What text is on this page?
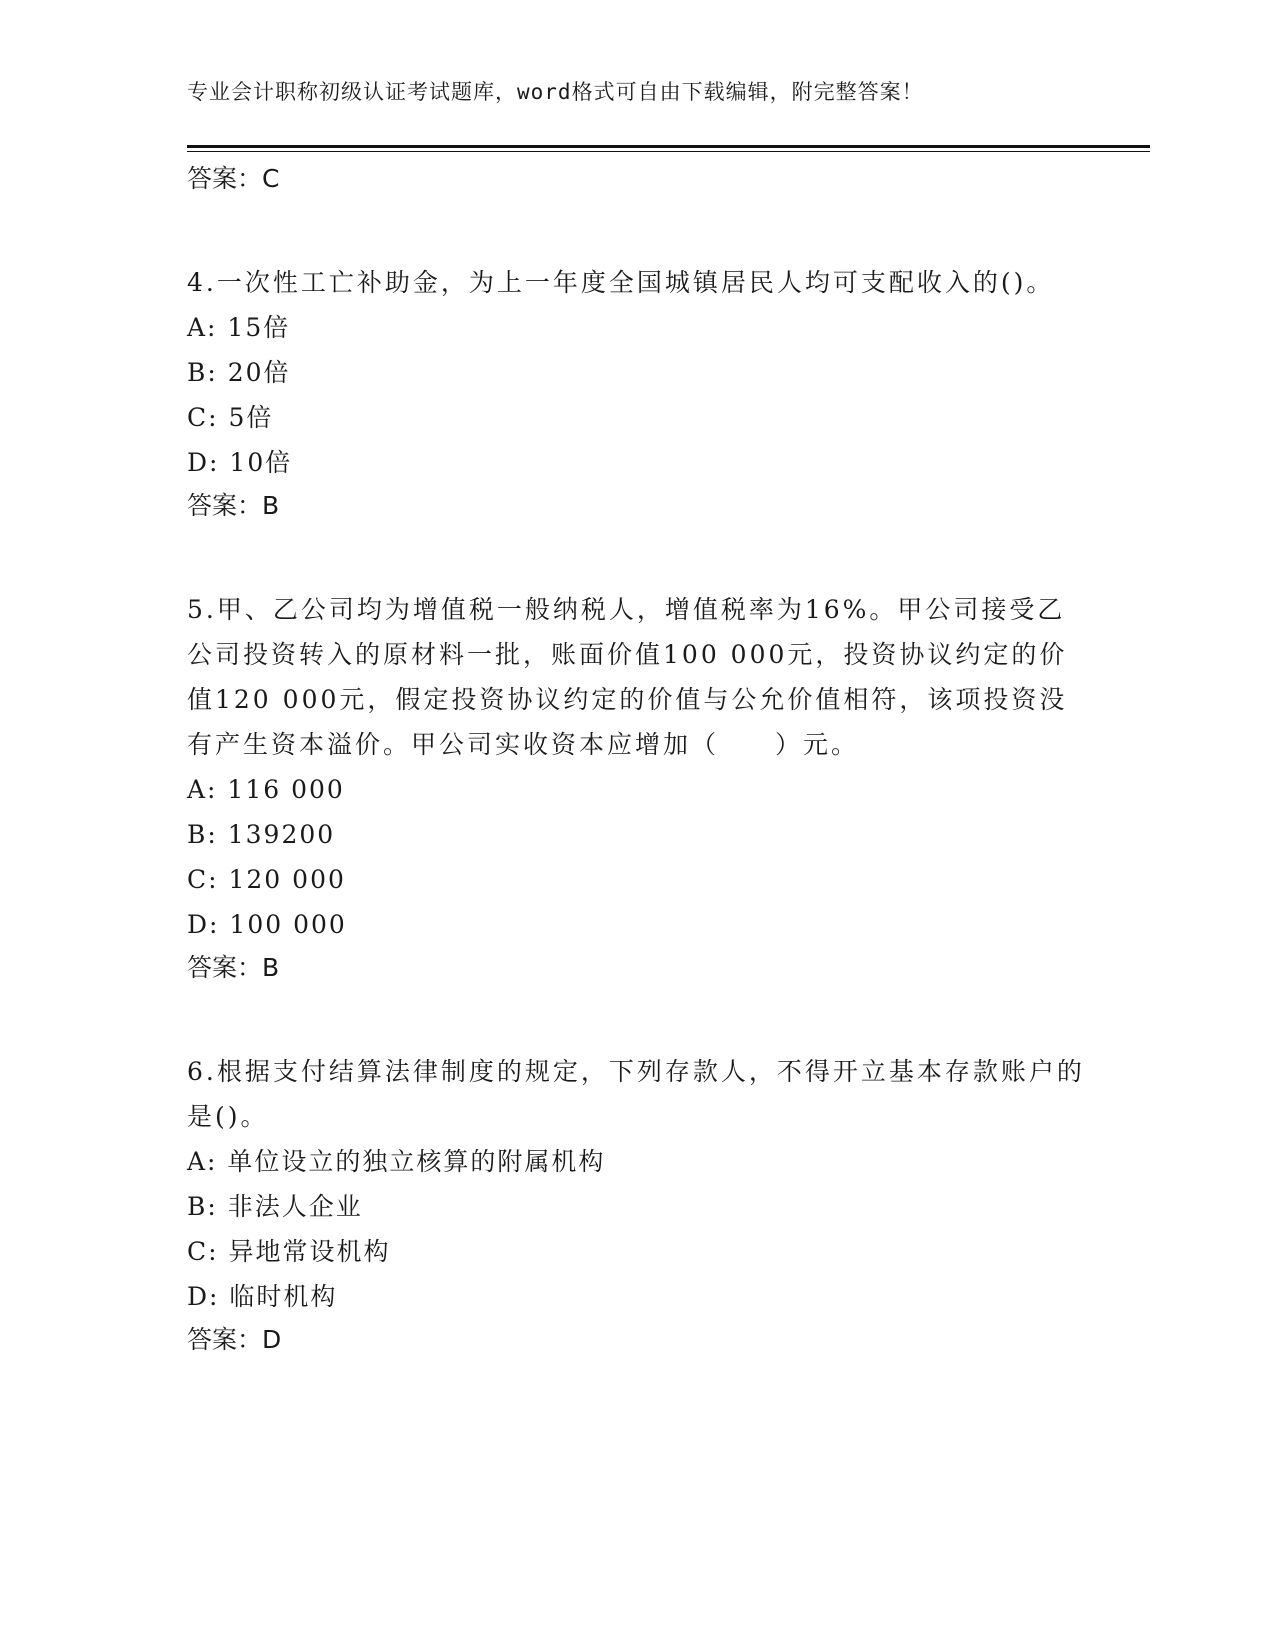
专业会计职称初级认证考试题库，word格式可自由下载编辑，附完整答案！
答案：C

4.一次性工亡补助金，为上一年度全国城镇居民人均可支配收入的()。

A: 15倍
B: 20倍
C: 5倍
D: 10倍
答案：B

5.甲、乙公司均为增值税一般纳税人，增值税率为16%。甲公司接受乙公司投资转入的原材料一批，账面价值100 000元，投资协议约定的价值120 000元，假定投资协议约定的价值与公允价值相符，该项投资没有产生资本溢价。甲公司实收资本应增加（　　）元。

A: 116 000
B: 139200
C: 120 000
D: 100 000
答案：B

6.根据支付结算法律制度的规定，下列存款人，不得开立基本存款账户的是()。

A: 单位设立的独立核算的附属机构
B: 非法人企业
C: 异地常设机构
D: 临时机构
答案：D
